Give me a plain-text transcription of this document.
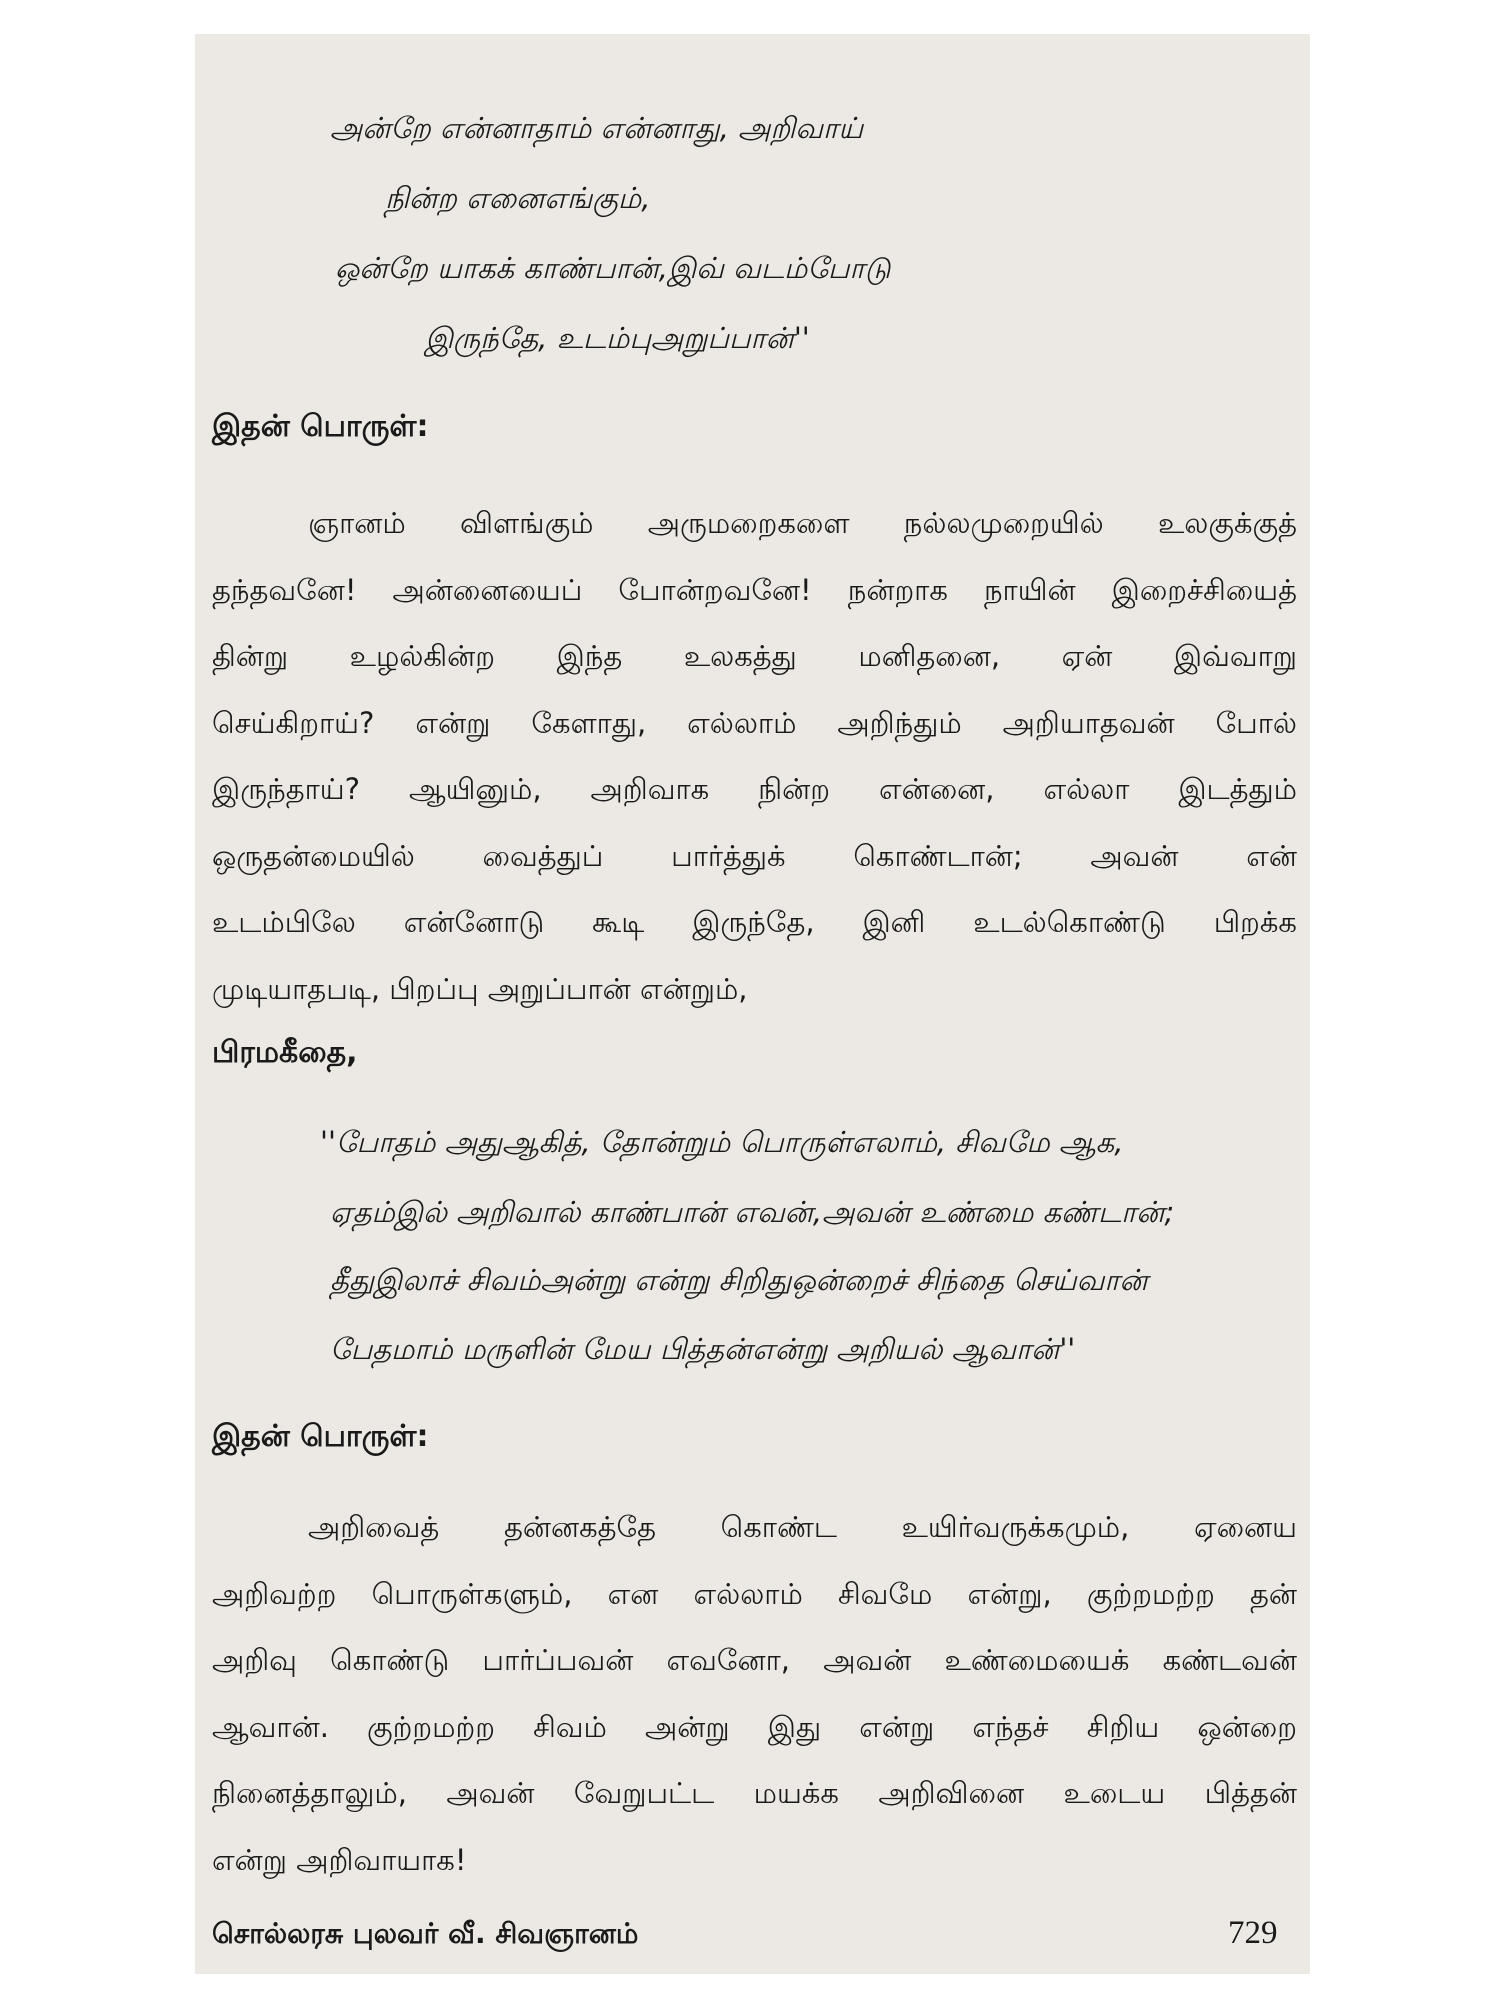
அன்றே என்னாதாம் என்னாது, அறிவாய்
நின்ற எனைஎங்கும்,
ஒன்றே யாகக் காண்பான்,இவ் வடம்போடு
இருந்தே, உடம்புஅறுப்பான்''
இதன் பொருள்:
ஞானம் விளங்கும் அருமறைகளை நல்லமுறையில் உலகுக்குத்
தந்தவனே! அன்னையைப் போன்றவனே! நன்றாக நாயின் இறைச்சியைத்
தின்று உழல்கின்ற இந்த உலகத்து மனிதனை, ஏன் இவ்வாறு
செய்கிறாய்? என்று கேளாது, எல்லாம் அறிந்தும் அறியாதவன் போல்
இருந்தாய்? ஆயினும், அறிவாக நின்ற என்னை, எல்லா இடத்தும்
ஒருதன்மையில் வைத்துப் பார்த்துக் கொண்டான்; அவன் என்
உடம்பிலே என்னோடு கூடி இருந்தே, இனி உடல்கொண்டு பிறக்க
முடியாதபடி, பிறப்பு அறுப்பான் என்றும்,
பிரமகீதை,
''போதம் அதுஆகித், தோன்றும் பொருள்எலாம், சிவமே ஆக,
ஏதம்இல் அறிவால் காண்பான் எவன்,அவன் உண்மை கண்டான்;
தீதுஇலாச் சிவம்அன்று என்று சிறிதுஒன்றைச் சிந்தை செய்வான்
பேதமாம் மருளின் மேய பித்தன்என்று அறியல் ஆவான்''
இதன் பொருள்:
அறிவைத் தன்னகத்தே கொண்ட உயிர்வருக்கமும், ஏனைய
அறிவற்ற பொருள்களும், என எல்லாம் சிவமே என்று, குற்றமற்ற தன்
அறிவு கொண்டு பார்ப்பவன் எவனோ, அவன் உண்மையைக் கண்டவன்
ஆவான். குற்றமற்ற சிவம் அன்று இது என்று எந்தச் சிறிய ஒன்றை
நினைத்தாலும், அவன் வேறுபட்ட மயக்க அறிவினை உடைய பித்தன்
என்று அறிவாயாக!
சொல்லரசு புலவர் வீ. சிவஞானம்	729
